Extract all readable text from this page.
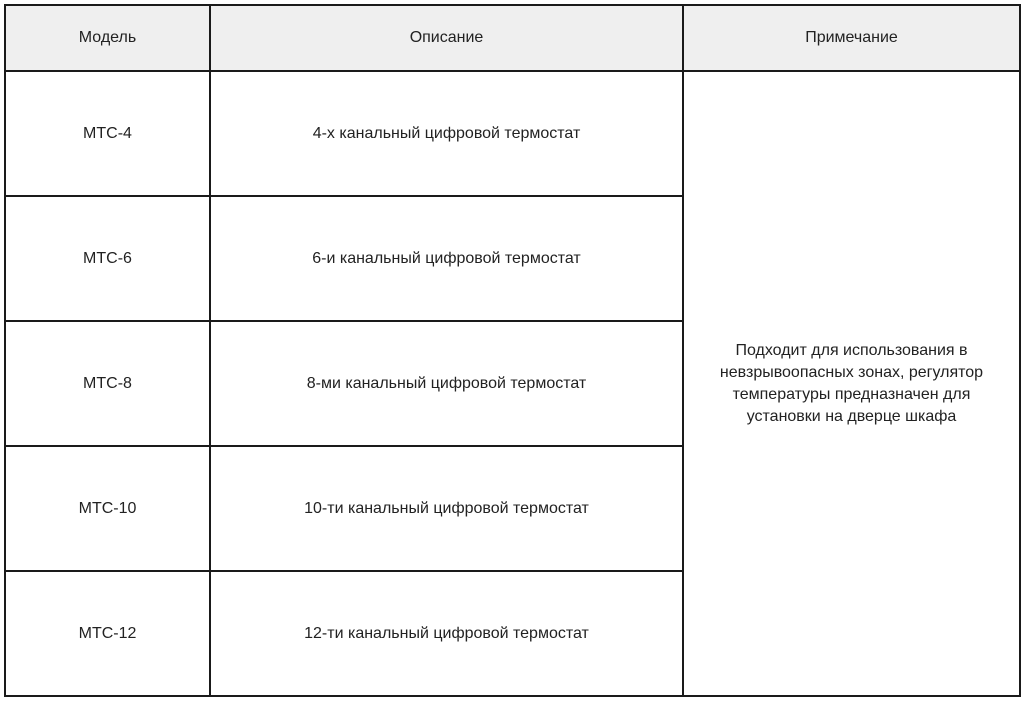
Модель	Описание	Примечание
МТС-4	4-х канальный цифровой термостат	Подходит для использования в невзрывоопасных зонах, регулятор температуры предназначен для установки на дверце шкафа

МТС-6	6-и канальный цифровой термостат	
МТС-8	8-ми канальный цифровой термостат	
МТС-10	10-ти канальный цифровой термостат	
МТС-12	12-ти канальный цифровой термостат	
